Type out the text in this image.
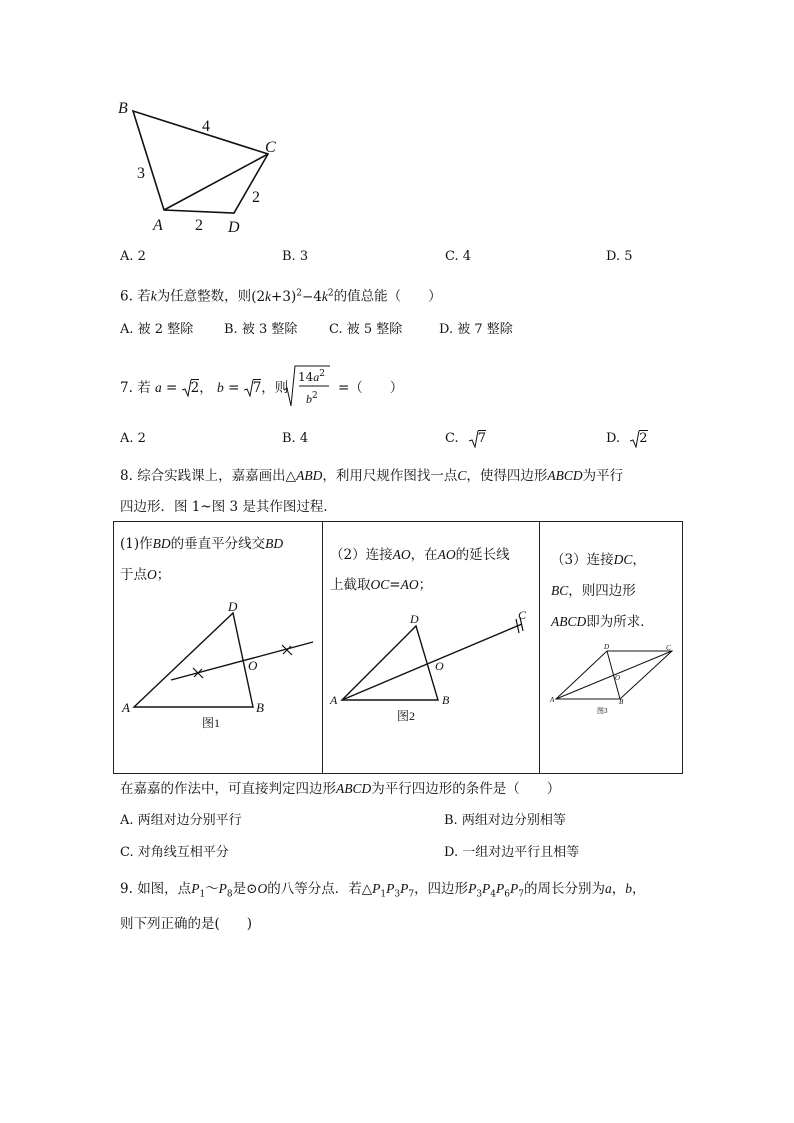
B
C
A	D
4
3
2
2
A. 2	B. 3	C. 4	D. 5
6. 若k为任意整数，则$(2k+3)^2-4k^2$的值总能（　　）
A. 被 2 整除 B. 被 3 整除 C. 被 5 整除	D. 被 7 整除
7. 若 a = 2， b = 7，则
$14a^2$
$b^2$ =（　　）
A. 2	B. 4	C. 7	D. 2
8. 综合实践课上，嘉嘉画出△ABD，利用尺规作图找一点C，使得四边形ABCD为平行
四边形．图 1~图 3 是其作图过程．
(1)作BD的垂直平分线交BD
于点O；
D
O
A	B
图1
（2）连接AO，在AO的延长线
上截取OC=AO；
D	C
O
A	B
图2
（3）连接DC，
BC，则四边形
ABCD即为所求．
D	C
O
A	B
图3
在嘉嘉的作法中，可直接判定四边形ABCD为平行四边形的条件是（　　）
A. 两组对边分别平行	B. 两组对边分别相等
C. 对角线互相平分	D. 一组对边平行且相等
9. 如图，点$P_1\sim P_8$是⊙O的八等分点．若$\triangle P_1P_3P_7$，四边形$P_3P_4P_6P_7$的周长分别为a，b，
则下列正确的是(　　)
